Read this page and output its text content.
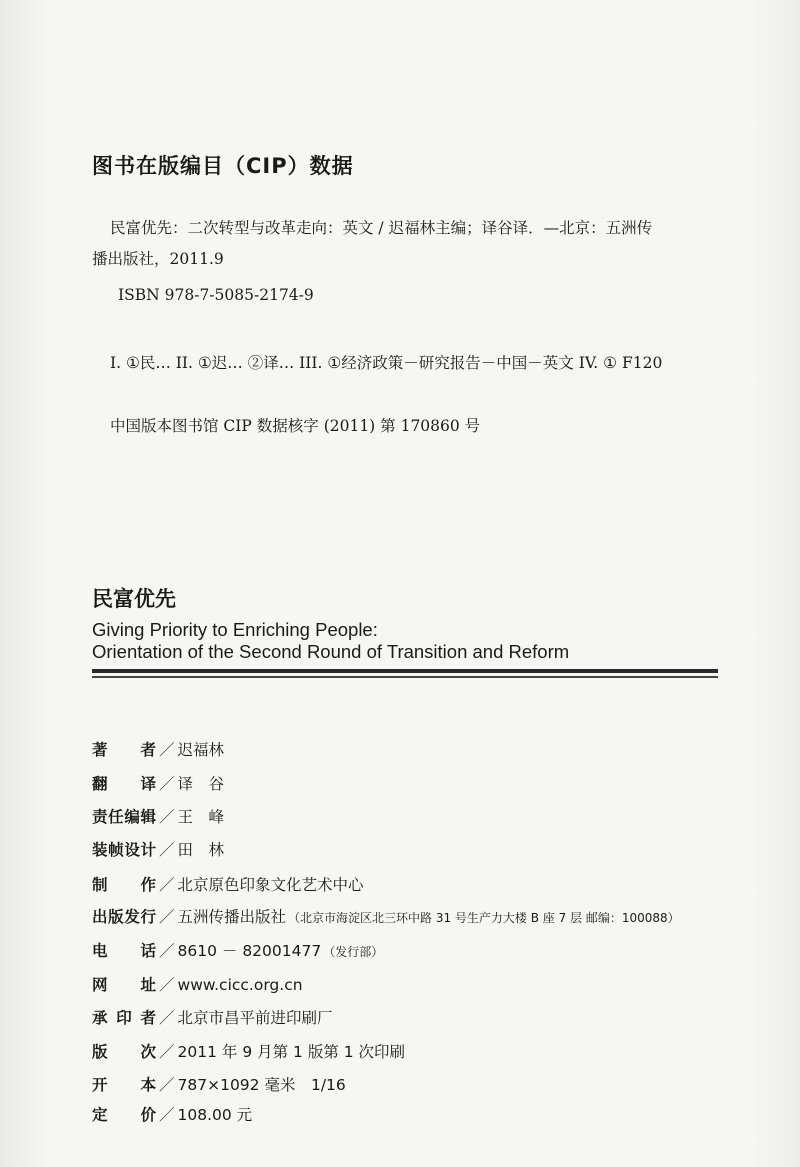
图书在版编目（CIP）数据
民富优先：二次转型与改革走向：英文 / 迟福林主编；译谷译．—北京：五洲传
播出版社，2011.9
ISBN 978-7-5085-2174-9
I. ①民… II. ①迟… ②译… III. ①经济政策－研究报告－中国－英文 IV. ① F120
中国版本图书馆 CIP 数据核字 (2011) 第 170860 号
民富优先
Giving Priority to Enriching People:
Orientation of the Second Round of Transition and Reform
著　者 ／ 迟福林
翻　译 ／ 译　谷
责任编辑 ／ 王　峰
装帧设计 ／ 田　林
制　作 ／ 北京原色印象文化艺术中心
出版发行 ／ 五洲传播出版社 （北京市海淀区北三环中路 31 号生产力大楼 B 座 7 层 邮编：100088）
电　话 ／ 8610 － 82001477 （发行部）
网　址 ／ www.cicc.org.cn
承印者 ／ 北京市昌平前进印刷厂
版　次 ／ 2011 年 9 月第 1 版第 1 次印刷
开　本 ／ 787×1092 毫米　1/16
定　价 ／ 108.00 元
